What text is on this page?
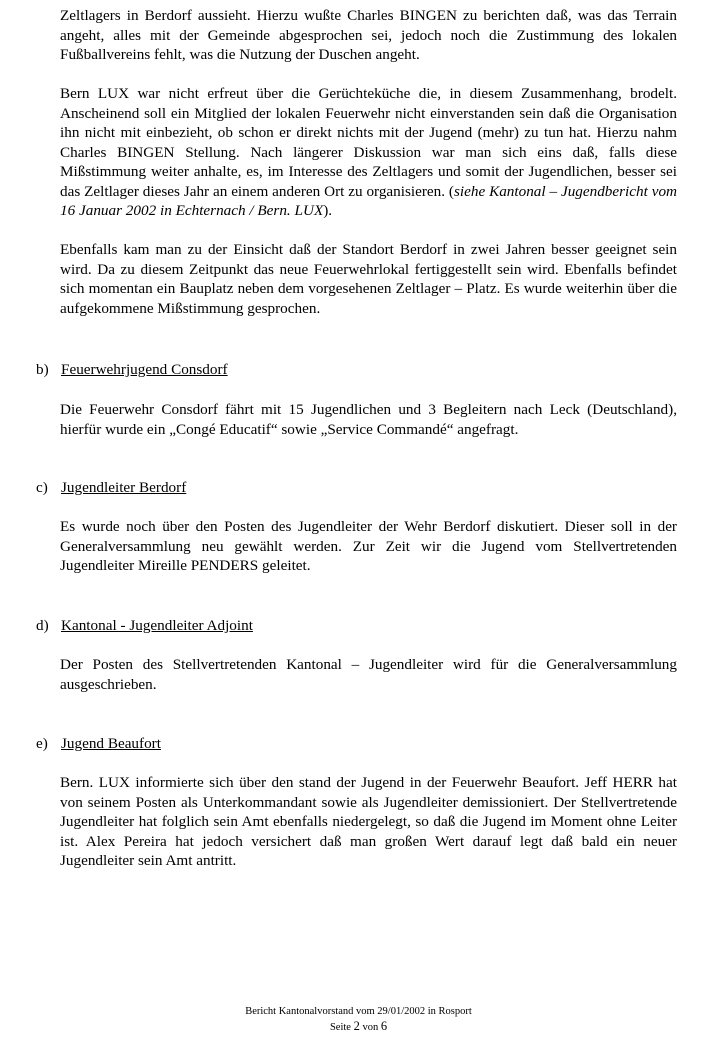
Zeltlagers in Berdorf aussieht. Hierzu wußte Charles BINGEN zu berichten daß, was das Terrain angeht, alles mit der Gemeinde abgesprochen sei, jedoch noch die Zustimmung des lokalen Fußballvereins fehlt, was die Nutzung der Duschen angeht.

Bern LUX war nicht erfreut über die Gerüchteküche die, in diesem Zusammenhang, brodelt. Anscheinend soll ein Mitglied der lokalen Feuerwehr nicht einverstanden sein daß die Organisation ihn nicht mit einbezieht, ob schon er direkt nichts mit der Jugend (mehr) zu tun hat. Hierzu nahm Charles BINGEN Stellung. Nach längerer Diskussion war man sich eins daß, falls diese Mißstimmung weiter anhalte, es, im Interesse des Zeltlagers und somit der Jugendlichen, besser sei das Zeltlager dieses Jahr an einem anderen Ort zu organisieren. (siehe Kantonal – Jugendbericht vom 16 Januar 2002 in Echternach / Bern. LUX).

Ebenfalls kam man zu der Einsicht daß der Standort Berdorf in zwei Jahren besser geeignet sein wird. Da zu diesem Zeitpunkt das neue Feuerwehrlokal fertiggestellt sein wird. Ebenfalls befindet sich momentan ein Bauplatz neben dem vorgesehenen Zeltlager – Platz. Es wurde weiterhin über die aufgekommene Mißstimmung gesprochen.

b) Feuerwehrjugend Consdorf

Die Feuerwehr Consdorf fährt mit 15 Jugendlichen und 3 Begleitern nach Leck (Deutschland), hierfür wurde ein „Congé Educatif“ sowie „Service Commandé“ angefragt.

c) Jugendleiter Berdorf

Es wurde noch über den Posten des Jugendleiter der Wehr Berdorf diskutiert. Dieser soll in der Generalversammlung neu gewählt werden. Zur Zeit wir die Jugend vom Stellvertretenden Jugendleiter Mireille PENDERS geleitet.

d) Kantonal - Jugendleiter Adjoint

Der Posten des Stellvertretenden Kantonal – Jugendleiter wird für die Generalversammlung ausgeschrieben.

e) Jugend Beaufort

Bern. LUX informierte sich über den stand der Jugend in der Feuerwehr Beaufort. Jeff HERR hat von seinem Posten als Unterkommandant sowie als Jugendleiter demissioniert. Der Stellvertretende Jugendleiter hat folglich sein Amt ebenfalls niedergelegt, so daß die Jugend im Moment ohne Leiter ist. Alex Pereira hat jedoch versichert daß man großen Wert darauf legt daß bald ein neuer Jugendleiter sein Amt antritt.

Bericht Kantonalvorstand vom 29/01/2002 in Rosport
Seite 2 von 6
